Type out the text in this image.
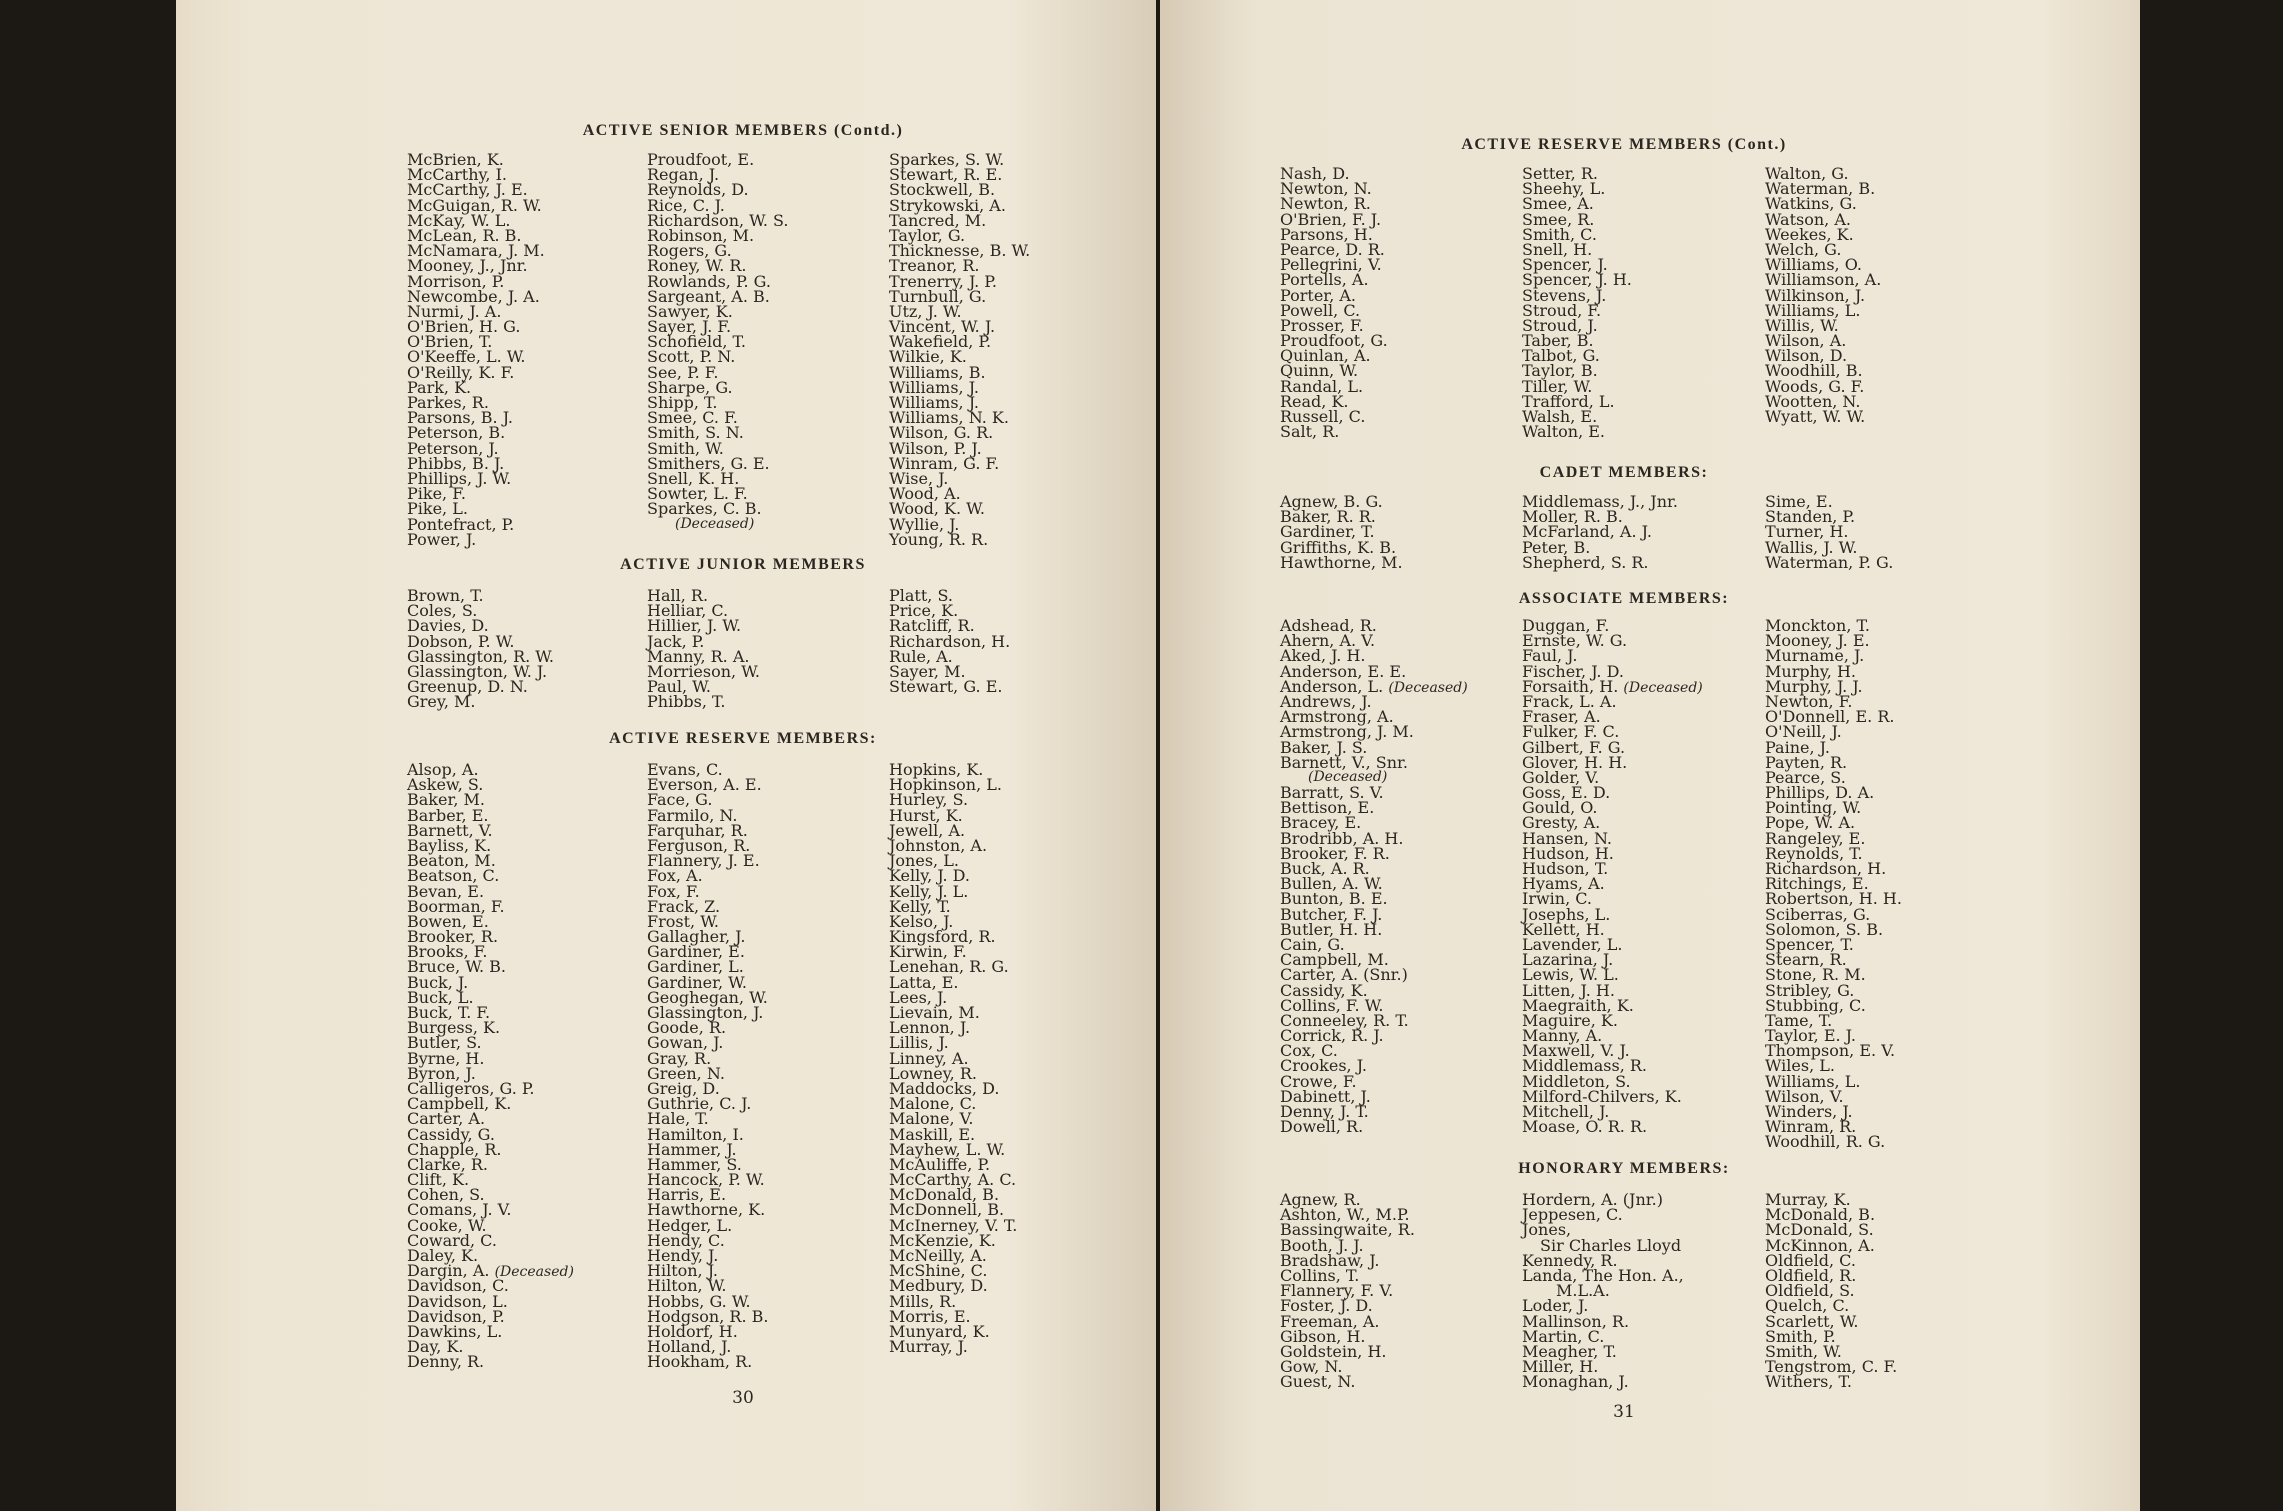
ACTIVE SENIOR MEMBERS (Contd.)
McBrien, K.
McCarthy, I.
McCarthy, J. E.
McGuigan, R. W.
McKay, W. L.
McLean, R. B.
McNamara, J. M.
Mooney, J., Jnr.
Morrison, P.
Newcombe, J. A.
Nurmi, J. A.
O'Brien, H. G.
O'Brien, T.
O'Keeffe, L. W.
O'Reilly, K. F.
Park, K.
Parkes, R.
Parsons, B. J.
Peterson, B.
Peterson, J.
Phibbs, B. J.
Phillips, J. W.
Pike, F.
Pike, L.
Pontefract, P.
Power, J.
Proudfoot, E.
Regan, J.
Reynolds, D.
Rice, C. J.
Richardson, W. S.
Robinson, M.
Rogers, G.
Roney, W. R.
Rowlands, P. G.
Sargeant, A. B.
Sawyer, K.
Sayer, J. F.
Schofield, T.
Scott, P. N.
See, P. F.
Sharpe, G.
Shipp, T.
Smee, C. F.
Smith, S. N.
Smith, W.
Smithers, G. E.
Snell, K. H.
Sowter, L. F.
Sparkes, C. B.
(Deceased)
Sparkes, S. W.
Stewart, R. E.
Stockwell, B.
Strykowski, A.
Tancred, M.
Taylor, G.
Thicknesse, B. W.
Treanor, R.
Trenerry, J. P.
Turnbull, G.
Utz, J. W.
Vincent, W. J.
Wakefield, P.
Wilkie, K.
Williams, B.
Williams, J.
Williams, J.
Williams, N. K.
Wilson, G. R.
Wilson, P. J.
Winram, G. F.
Wise, J.
Wood, A.
Wood, K. W.
Wyllie, J.
Young, R. R.
ACTIVE JUNIOR MEMBERS
Brown, T.
Coles, S.
Davies, D.
Dobson, P. W.
Glassington, R. W.
Glassington, W. J.
Greenup, D. N.
Grey, M.
Hall, R.
Helliar, C.
Hillier, J. W.
Jack, P.
Manny, R. A.
Morrieson, W.
Paul, W.
Phibbs, T.
Platt, S.
Price, K.
Ratcliff, R.
Richardson, H.
Rule, A.
Sayer, M.
Stewart, G. E.
ACTIVE RESERVE MEMBERS:
Alsop, A.
Askew, S.
Baker, M.
Barber, E.
Barnett, V.
Bayliss, K.
Beaton, M.
Beatson, C.
Bevan, E.
Boorman, F.
Bowen, E.
Brooker, R.
Brooks, F.
Bruce, W. B.
Buck, J.
Buck, L.
Buck, T. F.
Burgess, K.
Butler, S.
Byrne, H.
Byron, J.
Calligeros, G. P.
Campbell, K.
Carter, A.
Cassidy, G.
Chapple, R.
Clarke, R.
Clift, K.
Cohen, S.
Comans, J. V.
Cooke, W.
Coward, C.
Daley, K.
Dargin, A. (Deceased)
Davidson, C.
Davidson, L.
Davidson, P.
Dawkins, L.
Day, K.
Denny, R.
Evans, C.
Everson, A. E.
Face, G.
Farmilo, N.
Farquhar, R.
Ferguson, R.
Flannery, J. E.
Fox, A.
Fox, F.
Frack, Z.
Frost, W.
Gallagher, J.
Gardiner, E.
Gardiner, L.
Gardiner, W.
Geoghegan, W.
Glassington, J.
Goode, R.
Gowan, J.
Gray, R.
Green, N.
Greig, D.
Guthrie, C. J.
Hale, T.
Hamilton, I.
Hammer, J.
Hammer, S.
Hancock, P. W.
Harris, E.
Hawthorne, K.
Hedger, L.
Hendy, C.
Hendy, J.
Hilton, J.
Hilton, W.
Hobbs, G. W.
Hodgson, R. B.
Holdorf, H.
Holland, J.
Hookham, R.
Hopkins, K.
Hopkinson, L.
Hurley, S.
Hurst, K.
Jewell, A.
Johnston, A.
Jones, L.
Kelly, J. D.
Kelly, J. L.
Kelly, T.
Kelso, J.
Kingsford, R.
Kirwin, F.
Lenehan, R. G.
Latta, E.
Lees, J.
Lievain, M.
Lennon, J.
Lillis, J.
Linney, A.
Lowney, R.
Maddocks, D.
Malone, C.
Malone, V.
Maskill, E.
Mayhew, L. W.
McAuliffe, P.
McCarthy, A. C.
McDonald, B.
McDonnell, B.
McInerney, V. T.
McKenzie, K.
McNeilly, A.
McShine, C.
Medbury, D.
Mills, R.
Morris, E.
Munyard, K.
Murray, J.
30
ACTIVE RESERVE MEMBERS (Cont.)
Nash, D.
Newton, N.
Newton, R.
O'Brien, F. J.
Parsons, H.
Pearce, D. R.
Pellegrini, V.
Portells, A.
Porter, A.
Powell, C.
Prosser, F.
Proudfoot, G.
Quinlan, A.
Quinn, W.
Randal, L.
Read, K.
Russell, C.
Salt, R.
Setter, R.
Sheehy, L.
Smee, A.
Smee, R.
Smith, C.
Snell, H.
Spencer, J.
Spencer, J. H.
Stevens, J.
Stroud, F.
Stroud, J.
Taber, B.
Talbot, G.
Taylor, B.
Tiller, W.
Trafford, L.
Walsh, E.
Walton, E.
Walton, G.
Waterman, B.
Watkins, G.
Watson, A.
Weekes, K.
Welch, G.
Williams, O.
Williamson, A.
Wilkinson, J.
Williams, L.
Willis, W.
Wilson, A.
Wilson, D.
Woodhill, B.
Woods, G. F.
Wootten, N.
Wyatt, W. W.
CADET MEMBERS:
Agnew, B. G.
Baker, R. R.
Gardiner, T.
Griffiths, K. B.
Hawthorne, M.
Middlemass, J., Jnr.
Moller, R. B.
McFarland, A. J.
Peter, B.
Shepherd, S. R.
Sime, E.
Standen, P.
Turner, H.
Wallis, J. W.
Waterman, P. G.
ASSOCIATE MEMBERS:
Adshead, R.
Ahern, A. V.
Aked, J. H.
Anderson, E. E.
Anderson, L. (Deceased)
Andrews, J.
Armstrong, A.
Armstrong, J. M.
Baker, J. S.
Barnett, V., Snr.
(Deceased)
Barratt, S. V.
Bettison, E.
Bracey, E.
Brodribb, A. H.
Brooker, F. R.
Buck, A. R.
Bullen, A. W.
Bunton, B. E.
Butcher, F. J.
Butler, H. H.
Cain, G.
Campbell, M.
Carter, A. (Snr.)
Cassidy, K.
Collins, F. W.
Conneeley, R. T.
Corrick, R. J.
Cox, C.
Crookes, J.
Crowe, F.
Dabinett, J.
Denny, J. T.
Dowell, R.
Duggan, F.
Ernste, W. G.
Faul, J.
Fischer, J. D.
Forsaith, H. (Deceased)
Frack, L. A.
Fraser, A.
Fulker, F. C.
Gilbert, F. G.
Glover, H. H.
Golder, V.
Goss, E. D.
Gould, O.
Gresty, A.
Hansen, N.
Hudson, H.
Hudson, T.
Hyams, A.
Irwin, C.
Josephs, L.
Kellett, H.
Lavender, L.
Lazarina, J.
Lewis, W. L.
Litten, J. H.
Maegraith, K.
Maguire, K.
Manny, A.
Maxwell, V. J.
Middlemass, R.
Middleton, S.
Milford-Chilvers, K.
Mitchell, J.
Moase, O. R. R.
Monckton, T.
Mooney, J. E.
Murname, J.
Murphy, H.
Murphy, J. J.
Newton, F.
O'Donnell, E. R.
O'Neill, J.
Paine, J.
Payten, R.
Pearce, S.
Phillips, D. A.
Pointing, W.
Pope, W. A.
Rangeley, E.
Reynolds, T.
Richardson, H.
Ritchings, E.
Robertson, H. H.
Sciberras, G.
Solomon, S. B.
Spencer, T.
Stearn, R.
Stone, R. M.
Stribley, G.
Stubbing, C.
Tame, T.
Taylor, E. J.
Thompson, E. V.
Wiles, L.
Williams, L.
Wilson, V.
Winders, J.
Winram, R.
Woodhill, R. G.
HONORARY MEMBERS:
Agnew, R.
Ashton, W., M.P.
Bassingwaite, R.
Booth, J. J.
Bradshaw, J.
Collins, T.
Flannery, F. V.
Foster, J. D.
Freeman, A.
Gibson, H.
Goldstein, H.
Gow, N.
Guest, N.
Hordern, A. (Jnr.)
Jeppesen, C.
Jones,
Sir Charles Lloyd
Kennedy, R.
Landa, The Hon. A.,
M.L.A.
Loder, J.
Mallinson, R.
Martin, C.
Meagher, T.
Miller, H.
Monaghan, J.
Murray, K.
McDonald, B.
McDonald, S.
McKinnon, A.
Oldfield, C.
Oldfield, R.
Oldfield, S.
Quelch, C.
Scarlett, W.
Smith, P.
Smith, W.
Tengstrom, C. F.
Withers, T.
31
